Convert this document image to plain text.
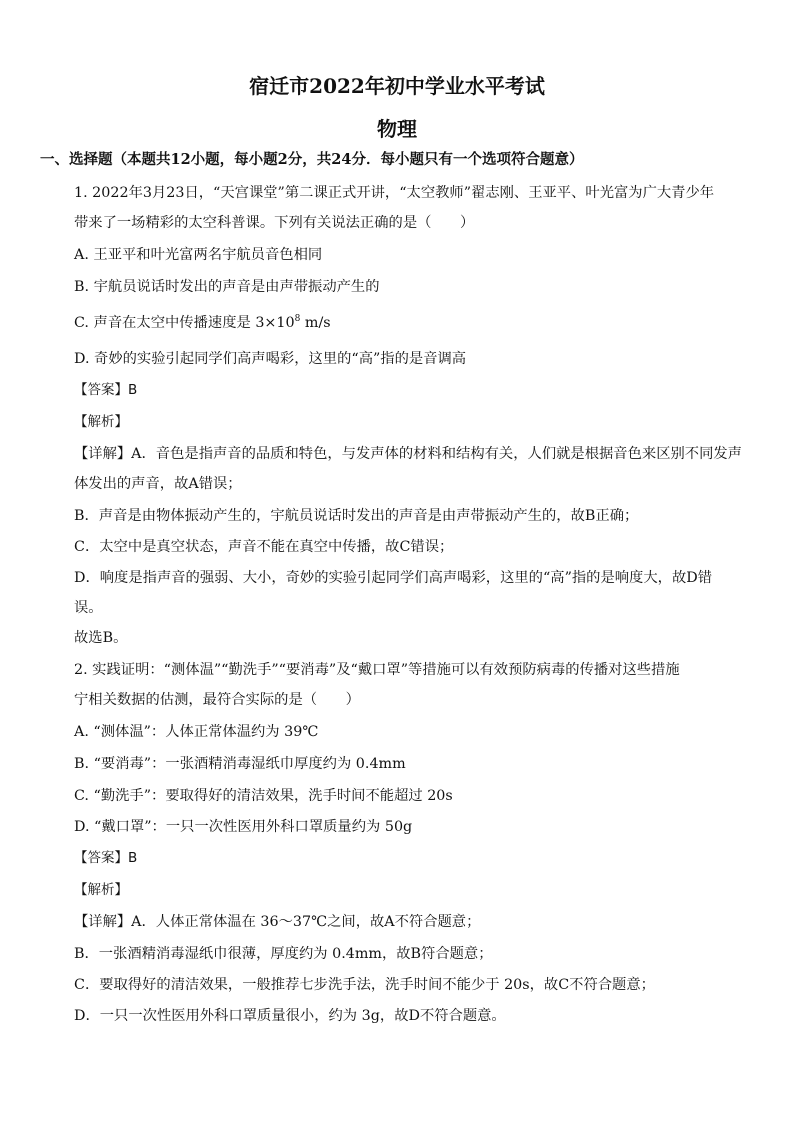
宿迁市2022年初中学业水平考试
物理
一、选择题（本题共12小题，每小题2分，共24分．每小题只有一个选项符合题意）
1. 2022年3月23日，“天宫课堂”第二课正式开讲，“太空教师”翟志刚、王亚平、叶光富为广大青少年
带来了一场精彩的太空科普课。下列有关说法正确的是（　　）
A. 王亚平和叶光富两名宇航员音色相同
B. 宇航员说话时发出的声音是由声带振动产生的
C. 声音在太空中传播速度是 $3\times 10^8$ m/s
D. 奇妙的实验引起同学们高声喝彩，这里的“高”指的是音调高
【答案】B
【解析】
【详解】A．音色是指声音的品质和特色，与发声体的材料和结构有关，人们就是根据音色来区别不同发声
体发出的声音，故A错误；
B．声音是由物体振动产生的，宇航员说话时发出的声音是由声带振动产生的，故B正确；
C．太空中是真空状态，声音不能在真空中传播，故C错误；
D．响度是指声音的强弱、大小，奇妙的实验引起同学们高声喝彩，这里的“高”指的是响度大，故D错
误。
故选B。
2. 实践证明：“测体温”“勤洗手”“要消毒”及“戴口罩”等措施可以有效预防病毒的传播对这些措施
宁相关数据的估测，最符合实际的是（　　）
A. “测体温”：人体正常体温约为 39℃
B. “要消毒”：一张酒精消毒湿纸巾厚度约为 0.4mm
C. “勤洗手”：要取得好的清洁效果，洗手时间不能超过 20s
D. “戴口罩”：一只一次性医用外科口罩质量约为 50g
【答案】B
【解析】
【详解】A．人体正常体温在 36～37℃之间，故A不符合题意；
B．一张酒精消毒湿纸巾很薄，厚度约为 0.4mm，故B符合题意；
C．要取得好的清洁效果，一般推荐七步洗手法，洗手时间不能少于 20s，故C不符合题意；
D．一只一次性医用外科口罩质量很小，约为 3g，故D不符合题意。
